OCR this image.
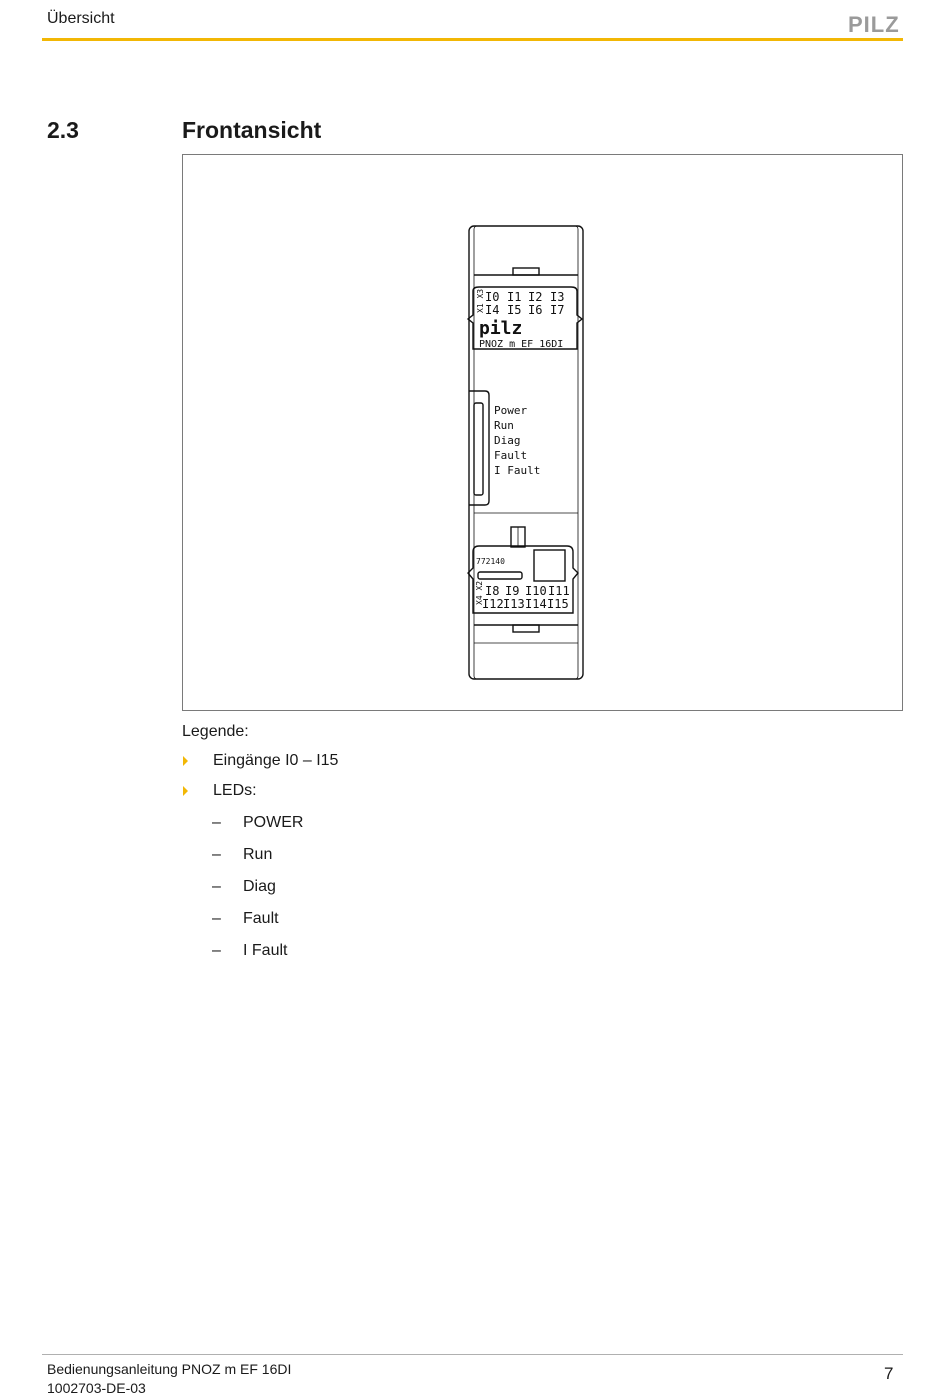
Übersicht	PILZ
2.3	Frontansicht
X1 X3 I0 I1 I2 I3
I4 I5 I6 I7
pilz
PNOZ m EF 16DI
Power
Run
Diag
Fault
I Fault
772140
X4 X2 I8 I9 I10 I11
I12 I13 I14 I15
Legende:
Eingänge I0 – I15
LEDs:
–	POWER
–	Run
–	Diag
–	Fault
–	I Fault
Bedienungsanleitung PNOZ m EF 16DI
1002703-DE-03
7
